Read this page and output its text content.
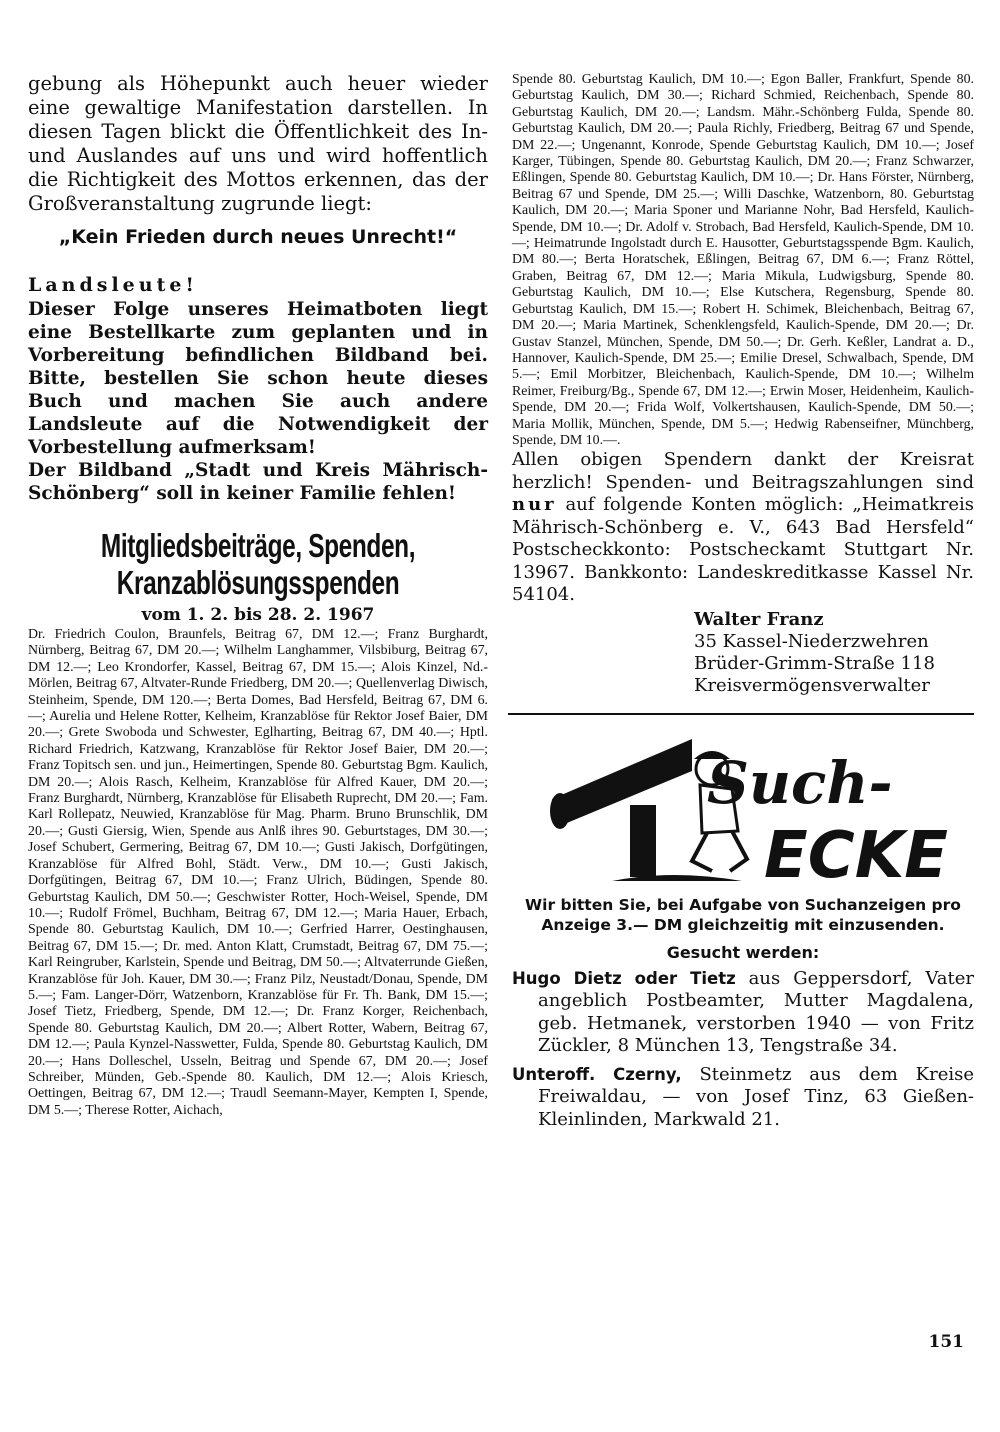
gebung als Höhepunkt auch heuer wieder eine gewaltige Manifestation darstellen. In diesen Tagen blickt die Öffentlichkeit des In- und Auslandes auf uns und wird hoffentlich die Richtigkeit des Mottos erkennen, das der Großveranstaltung zugrunde liegt:

„Kein Frieden durch neues Unrecht!“

Landsleute!

Dieser Folge unseres Heimatboten liegt eine Bestellkarte zum geplanten und in Vorbereitung befindlichen Bildband bei. Bitte, bestellen Sie schon heute dieses Buch und machen Sie auch andere Landsleute auf die Notwendigkeit der Vorbestellung aufmerksam!

Der Bildband „Stadt und Kreis Mährisch-Schönberg“ soll in keiner Familie fehlen!

Mitgliedsbeiträge, Spenden,
Kranzablösungsspenden

vom 1. 2. bis 28. 2. 1967

Dr. Friedrich Coulon, Braunfels, Beitrag 67, DM 12.—; Franz Burghardt, Nürnberg, Beitrag 67, DM 20.—; Wilhelm Langhammer, Vilsbiburg, Beitrag 67, DM 12.—; Leo Krondorfer, Kassel, Beitrag 67, DM 15.—; Alois Kinzel, Nd.-Mörlen, Beitrag 67, Altvater-Runde Friedberg, DM 20.—; Quellenverlag Diwisch, Steinheim, Spende, DM 120.—; Berta Domes, Bad Hersfeld, Beitrag 67, DM 6.—; Aurelia und Helene Rotter, Kelheim, Kranzablöse für Rektor Josef Baier, DM 20.—; Grete Swoboda und Schwester, Eglharting, Beitrag 67, DM 40.—; Hptl. Richard Friedrich, Katzwang, Kranzablöse für Rektor Josef Baier, DM 20.—; Franz Topitsch sen. und jun., Heimertingen, Spende 80. Geburtstag Bgm. Kaulich, DM 20.—; Alois Rasch, Kelheim, Kranzablöse für Alfred Kauer, DM 20.—; Franz Burghardt, Nürnberg, Kranzablöse für Elisabeth Ruprecht, DM 20.—; Fam. Karl Rollepatz, Neuwied, Kranzablöse für Mag. Pharm. Bruno Brunschlik, DM 20.—; Gusti Giersig, Wien, Spende aus Anlß ihres 90. Geburtstages, DM 30.—; Josef Schubert, Germering, Beitrag 67, DM 10.—; Gusti Jakisch, Dorfgütingen, Kranzablöse für Alfred Bohl, Städt. Verw., DM 10.—; Gusti Jakisch, Dorfgütingen, Beitrag 67, DM 10.—; Franz Ulrich, Büdingen, Spende 80. Geburtstag Kaulich, DM 50.—; Geschwister Rotter, Hoch-Weisel, Spende, DM 10.—; Rudolf Frömel, Buchham, Beitrag 67, DM 12.—; Maria Hauer, Erbach, Spende 80. Geburtstag Kaulich, DM 10.—; Gerfried Harrer, Oestinghausen, Beitrag 67, DM 15.—; Dr. med. Anton Klatt, Crumstadt, Beitrag 67, DM 75.—; Karl Reingruber, Karlstein, Spende und Beitrag, DM 50.—; Altvaterrunde Gießen, Kranzablöse für Joh. Kauer, DM 30.—; Franz Pilz, Neustadt/Donau, Spende, DM 5.—; Fam. Langer-Dörr, Watzenborn, Kranzablöse für Fr. Th. Bank, DM 15.—; Josef Tietz, Friedberg, Spende, DM 12.—; Dr. Franz Korger, Reichenbach, Spende 80. Geburtstag Kaulich, DM 20.—; Albert Rotter, Wabern, Beitrag 67, DM 12.—; Paula Kynzel-Nasswetter, Fulda, Spende 80. Geburtstag Kaulich, DM 20.—; Hans Dolleschel, Usseln, Beitrag und Spende 67, DM 20.—; Josef Schreiber, Münden, Geb.-Spende 80. Kaulich, DM 12.—; Alois Kriesch, Oettingen, Beitrag 67, DM 12.—; Traudl Seemann-Mayer, Kempten I, Spende, DM 5.—; Therese Rotter, Aichach,

Spende 80. Geburtstag Kaulich, DM 10.—; Egon Baller, Frankfurt, Spende 80. Geburtstag Kaulich, DM 30.—; Richard Schmied, Reichenbach, Spende 80. Geburtstag Kaulich, DM 20.—; Landsm. Mähr.-Schönberg Fulda, Spende 80. Geburtstag Kaulich, DM 20.—; Paula Richly, Friedberg, Beitrag 67 und Spende, DM 22.—; Ungenannt, Konrode, Spende Geburtstag Kaulich, DM 10.—; Josef Karger, Tübingen, Spende 80. Geburtstag Kaulich, DM 20.—; Franz Schwarzer, Eßlingen, Spende 80. Geburtstag Kaulich, DM 10.—; Dr. Hans Förster, Nürnberg, Beitrag 67 und Spende, DM 25.—; Willi Daschke, Watzenborn, 80. Geburtstag Kaulich, DM 20.—; Maria Sponer und Marianne Nohr, Bad Hersfeld, Kaulich-Spende, DM 10.—; Dr. Adolf v. Strobach, Bad Hersfeld, Kaulich-Spende, DM 10.—; Heimatrunde Ingolstadt durch E. Hausotter, Geburtstagsspende Bgm. Kaulich, DM 80.—; Berta Horatschek, Eßlingen, Beitrag 67, DM 6.—; Franz Röttel, Graben, Beitrag 67, DM 12.—; Maria Mikula, Ludwigsburg, Spende 80. Geburtstag Kaulich, DM 10.—; Else Kutschera, Regensburg, Spende 80. Geburtstag Kaulich, DM 15.—; Robert H. Schimek, Bleichenbach, Beitrag 67, DM 20.—; Maria Martinek, Schenklengsfeld, Kaulich-Spende, DM 20.—; Dr. Gustav Stanzel, München, Spende, DM 50.—; Dr. Gerh. Keßler, Landrat a. D., Hannover, Kaulich-Spende, DM 25.—; Emilie Dresel, Schwalbach, Spende, DM 5.—; Emil Morbitzer, Bleichenbach, Kaulich-Spende, DM 10.—; Wilhelm Reimer, Freiburg/Bg., Spende 67, DM 12.—; Erwin Moser, Heidenheim, Kaulich-Spende, DM 20.—; Frida Wolf, Volkertshausen, Kaulich-Spende, DM 50.—; Maria Mollik, München, Spende, DM 5.—; Hedwig Rabenseifner, Münchberg, Spende, DM 10.—.

Allen obigen Spendern dankt der Kreisrat herzlich! Spenden- und Beitragszahlungen sind nur auf folgende Konten möglich: „Heimatkreis Mährisch-Schönberg e. V., 643 Bad Hersfeld“ Postscheckkonto: Postscheckamt Stuttgart Nr. 13967. Bankkonto: Landeskreditkasse Kassel Nr. 54104.

Walter Franz
35 Kassel-Niederzwehren
Brüder-Grimm-Straße 118
Kreisvermögensverwalter
Such-
ECKE

Wir bitten Sie, bei Aufgabe von Suchanzeigen pro Anzeige 3.— DM gleichzeitig mit einzusenden.

Gesucht werden:

Hugo Dietz oder Tietz aus Geppersdorf, Vater angeblich Postbeamter, Mutter Magdalena, geb. Hetmanek, verstorben 1940 — von Fritz Zückler, 8 München 13, Tengstraße 34.

Unteroff. Czerny, Steinmetz aus dem Kreise Freiwaldau, — von Josef Tinz, 63 Gießen-Kleinlinden, Markwald 21.

151
